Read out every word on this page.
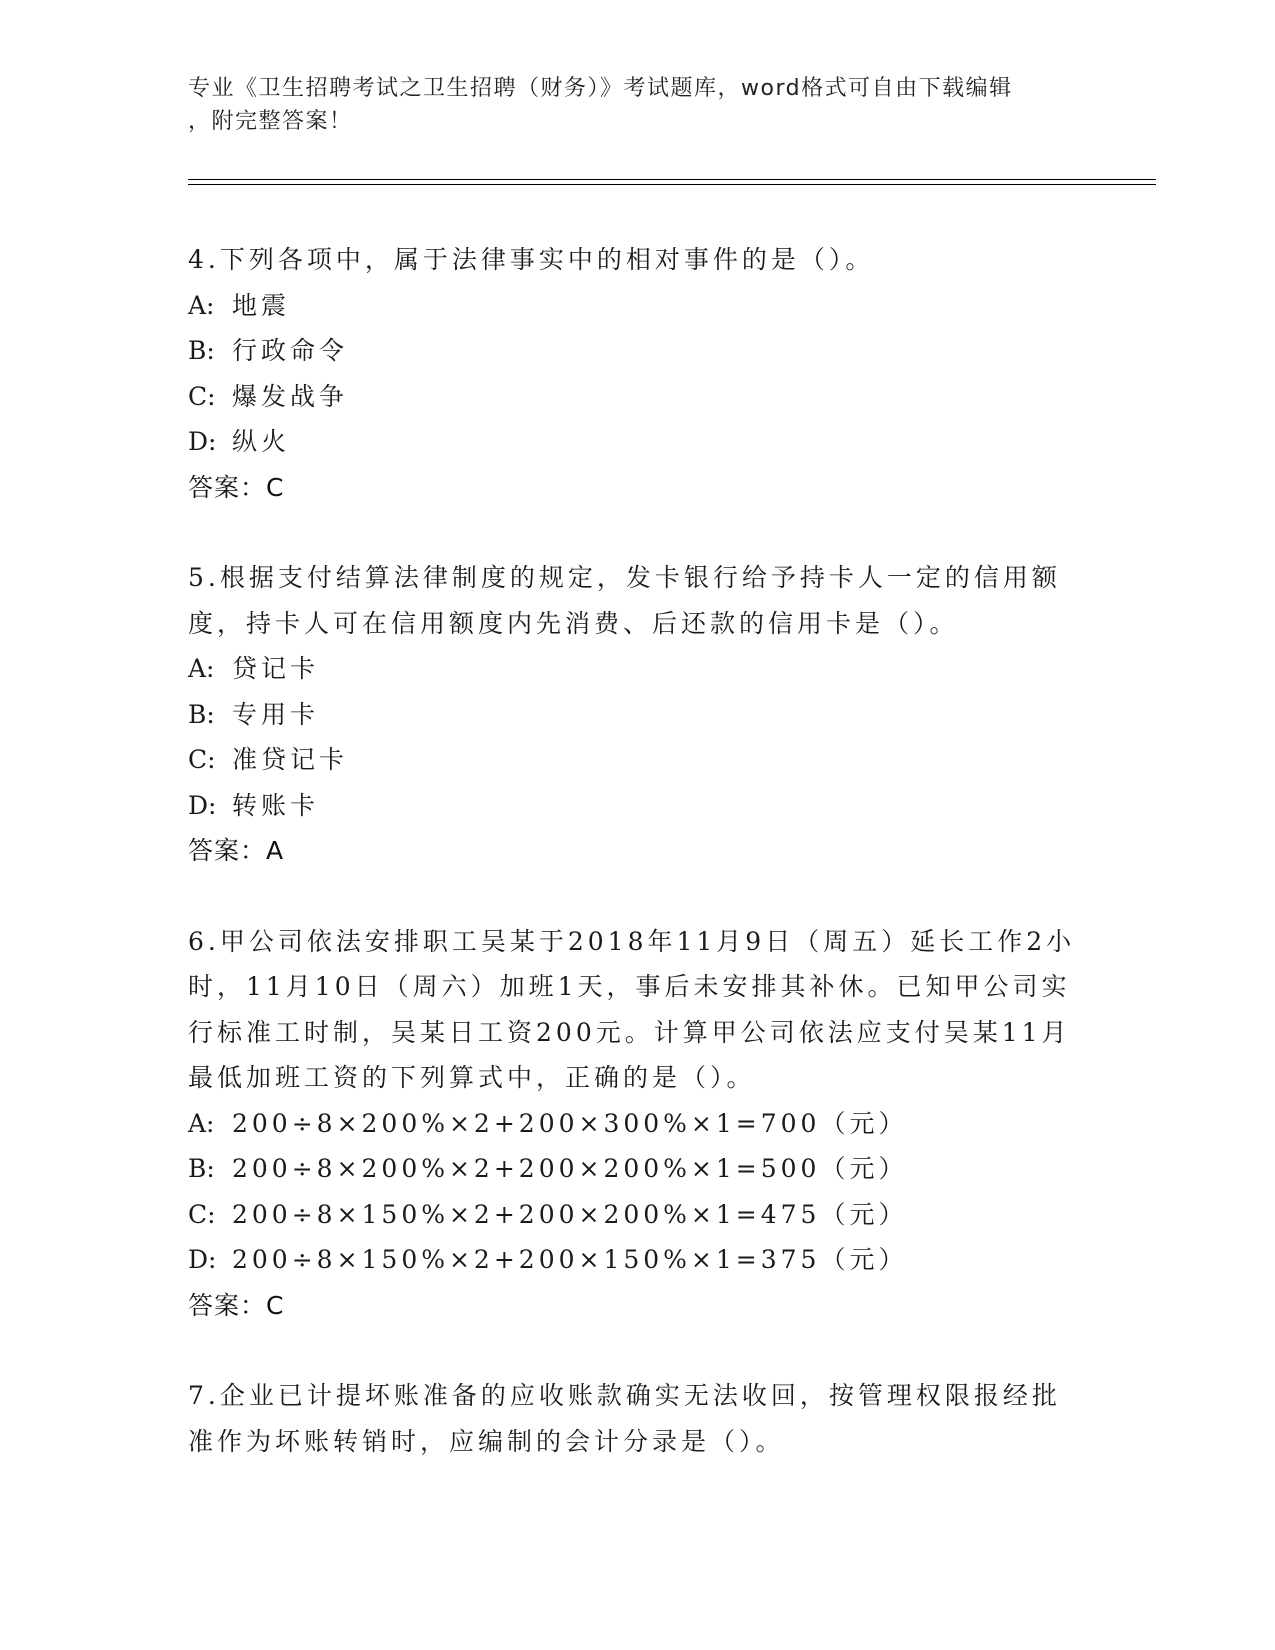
专业《卫生招聘考试之卫生招聘（财务）》考试题库，word格式可自由下载编辑
，附完整答案！

4.下列各项中，属于法律事实中的相对事件的是（）。

A: 地震

B: 行政命令

C: 爆发战争

D: 纵火

答案：C

5.根据支付结算法律制度的规定，发卡银行给予持卡人一定的信用额度，持卡人可在信用额度内先消费、后还款的信用卡是（）。

A: 贷记卡

B: 专用卡

C: 准贷记卡

D: 转账卡

答案：A

6.甲公司依法安排职工吴某于2018年11月9日（周五）延长工作2小时，11月10日（周六）加班1天，事后未安排其补休。已知甲公司实行标准工时制，吴某日工资200元。计算甲公司依法应支付吴某11月最低加班工资的下列算式中，正确的是（）。

A: 200÷8×200%×2+200×300%×1=700（元）

B: 200÷8×200%×2+200×200%×1=500（元）

C: 200÷8×150%×2+200×200%×1=475（元）

D: 200÷8×150%×2+200×150%×1=375（元）

答案：C

7.企业已计提坏账准备的应收账款确实无法收回，按管理权限报经批准作为坏账转销时，应编制的会计分录是（）。
